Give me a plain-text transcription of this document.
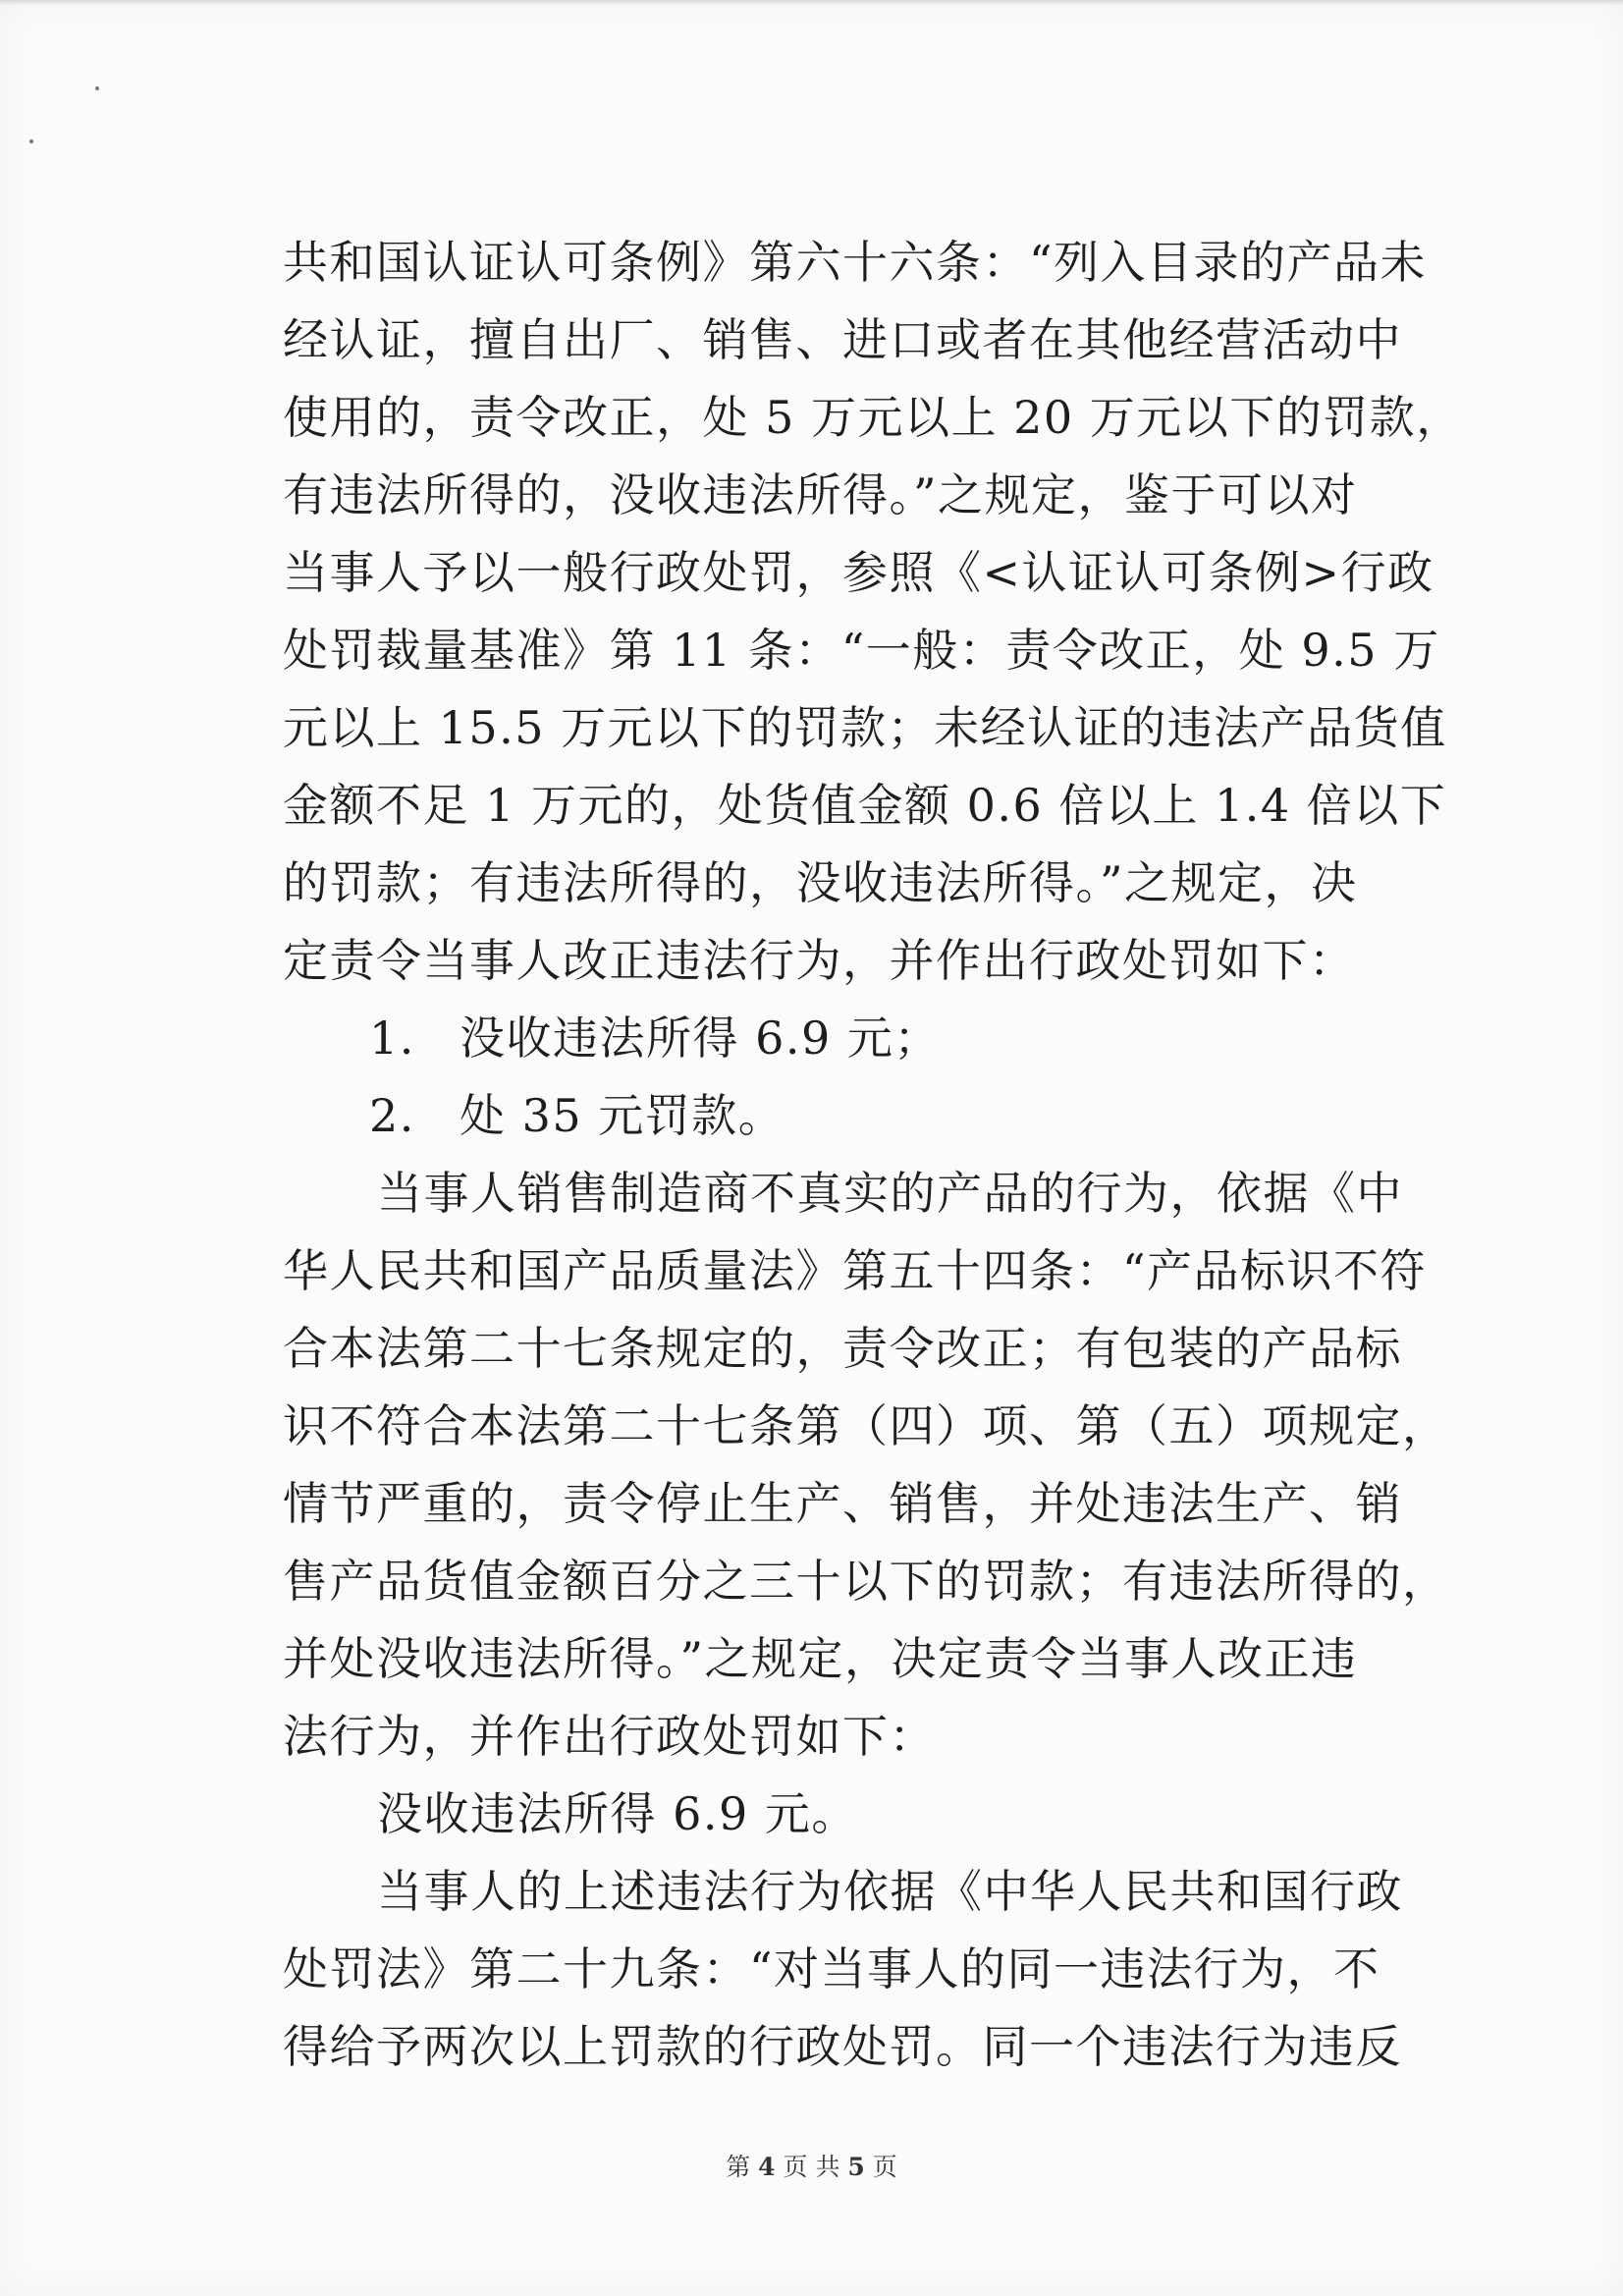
共和国认证认可条例》第六十六条：“列入目录的产品未
经认证，擅自出厂、销售、进口或者在其他经营活动中
使用的，责令改正，处 5 万元以上 20 万元以下的罚款，
有违法所得的，没收违法所得。”之规定，鉴于可以对
当事人予以一般行政处罚，参照《<认证认可条例>行政
处罚裁量基准》第 11 条：“一般：责令改正，处 9.5 万
元以上 15.5 万元以下的罚款；未经认证的违法产品货值
金额不足 1 万元的，处货值金额 0.6 倍以上 1.4 倍以下
的罚款；有违法所得的，没收违法所得。”之规定，决
定责令当事人改正违法行为，并作出行政处罚如下：
1. 没收违法所得 6.9 元；
2. 处 35 元罚款。
当事人销售制造商不真实的产品的行为，依据《中
华人民共和国产品质量法》第五十四条：“产品标识不符
合本法第二十七条规定的，责令改正；有包装的产品标
识不符合本法第二十七条第（四）项、第（五）项规定，
情节严重的，责令停止生产、销售，并处违法生产、销
售产品货值金额百分之三十以下的罚款；有违法所得的，
并处没收违法所得。”之规定，决定责令当事人改正违
法行为，并作出行政处罚如下：
没收违法所得 6.9 元。
当事人的上述违法行为依据《中华人民共和国行政
处罚法》第二十九条：“对当事人的同一违法行为，不
得给予两次以上罚款的行政处罚。同一个违法行为违反
第 4 页 共 5 页
